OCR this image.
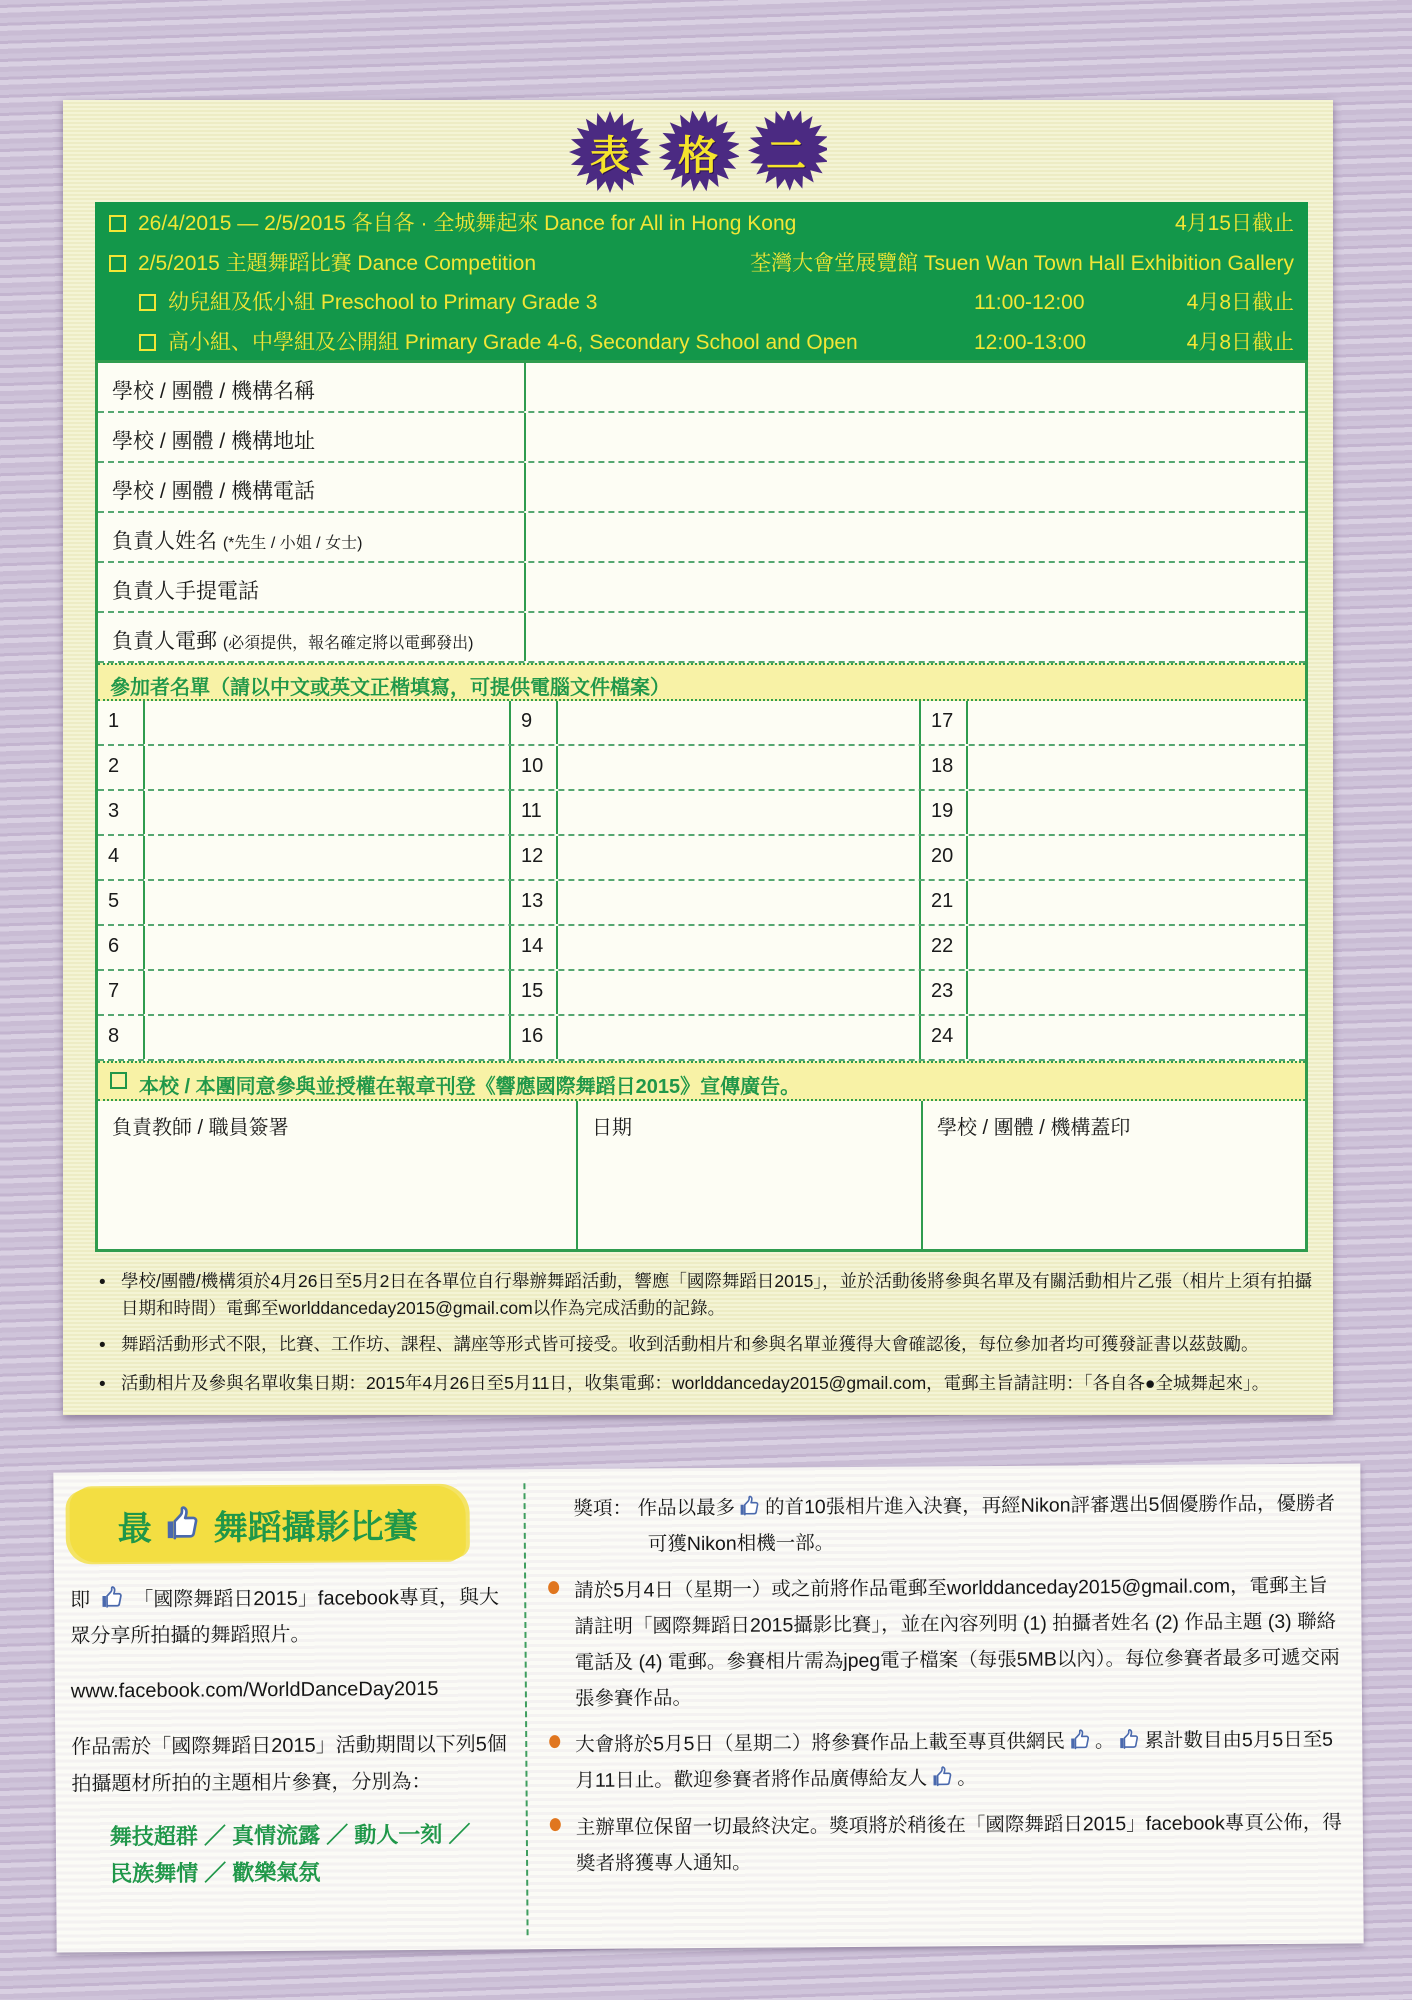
表 格 二
26/4/2015 — 2/5/2015 各自各 · 全城舞起來 Dance for All in Hong Kong	4月15日截止
2/5/2015 主題舞蹈比賽 Dance Competition	荃灣大會堂展覽館 Tsuen Wan Town Hall Exhibition Gallery
幼兒組及低小組 Preschool to Primary Grade 3	11:00-12:00	4月8日截止
高小組、中學組及公開組 Primary Grade 4-6, Secondary School and Open	12:00-13:00	4月8日截止
學校 / 團體 / 機構名稱
學校 / 團體 / 機構地址
學校 / 團體 / 機構電話
負責人姓名 (*先生 / 小姐 / 女士)
負責人手提電話
負責人電郵 (必須提供，報名確定將以電郵發出)
參加者名單（請以中文或英文正楷填寫，可提供電腦文件檔案）
1	9	17
2	10	18
3	11	19
4	12	20
5	13	21
6	14	22
7	15	23
8	16	24
本校 / 本團同意參與並授權在報章刊登《響應國際舞蹈日2015》宣傳廣告。
負責教師 / 職員簽署	日期	學校 / 團體 / 機構蓋印
• 學校/團體/機構須於4月26日至5月2日在各單位自行舉辦舞蹈活動，響應「國際舞蹈日2015」，並於活動後將參與名單及有關活動相片乙張（相片上須有拍攝日期和時間）電郵至worlddanceday2015@gmail.com以作為完成活動的記錄。
• 舞蹈活動形式不限，比賽、工作坊、課程、講座等形式皆可接受。收到活動相片和參與名單並獲得大會確認後，每位參加者均可獲發証書以茲鼓勵。
• 活動相片及參與名單收集日期：2015年4月26日至5月11日，收集電郵：worlddanceday2015@gmail.com，電郵主旨請註明：「各自各●全城舞起來」。
最 舞蹈攝影比賽

即 「國際舞蹈日2015」facebook專頁，與大眾分享所拍攝的舞蹈照片。

www.facebook.com/WorldDanceDay2015

作品需於「國際舞蹈日2015」活動期間以下列5個拍攝題材所拍的主題相片參賽，分別為：

舞技超群 ／ 真情流露 ／ 動人一刻 ／
民族舞情 ／ 歡樂氣氛
獎項： 作品以最多 的首10張相片進入決賽，再經Nikon評審選出5個優勝作品，優勝者可獲Nikon相機一部。
請於5月4日（星期一）或之前將作品電郵至worlddanceday2015@gmail.com，電郵主旨請註明「國際舞蹈日2015攝影比賽」，並在內容列明 (1) 拍攝者姓名 (2) 作品主題 (3) 聯絡電話及 (4) 電郵。參賽相片需為jpeg電子檔案（每張5MB以內）。每位參賽者最多可遞交兩張參賽作品。
大會將於5月5日（星期二）將參賽作品上載至專頁供網民 。 累計數目由5月5日至5月11日止。歡迎參賽者將作品廣傳給友人 。
主辦單位保留一切最終決定。獎項將於稍後在「國際舞蹈日2015」facebook專頁公佈，得獎者將獲專人通知。
